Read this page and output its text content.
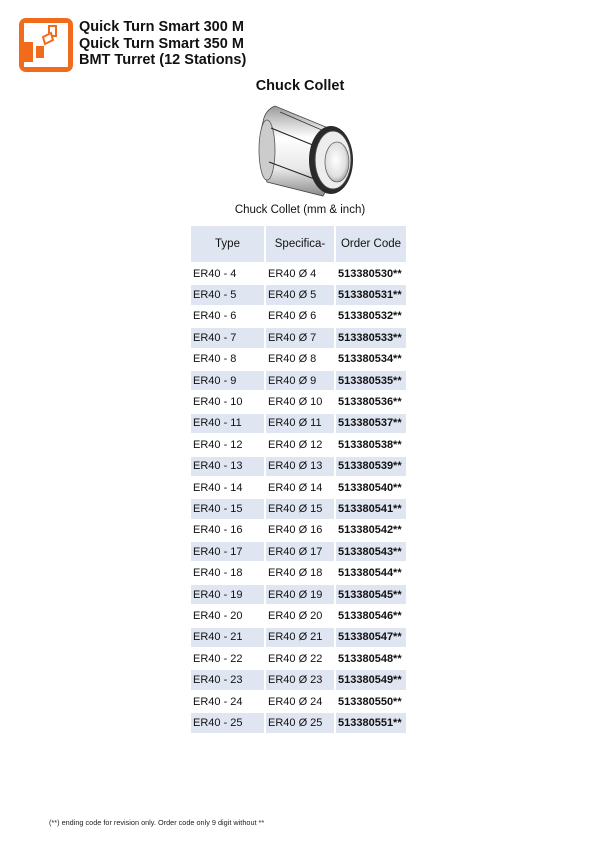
Quick Turn Smart 300 M
Quick Turn Smart 350 M
BMT Turret (12 Stations)
Chuck Collet
Chuck Collet (mm & inch)
Type	Specifica-	Order Code
ER40 - 4	ER40 Ø 4	513380530**
ER40 - 5	ER40 Ø 5	513380531**
ER40 - 6	ER40 Ø 6	513380532**
ER40 - 7	ER40 Ø 7	513380533**
ER40 - 8	ER40 Ø 8	513380534**
ER40 - 9	ER40 Ø 9	513380535**
ER40 - 10	ER40 Ø 10	513380536**
ER40 - 11	ER40 Ø 11	513380537**
ER40 - 12	ER40 Ø 12	513380538**
ER40 - 13	ER40 Ø 13	513380539**
ER40 - 14	ER40 Ø 14	513380540**
ER40 - 15	ER40 Ø 15	513380541**
ER40 - 16	ER40 Ø 16	513380542**
ER40 - 17	ER40 Ø 17	513380543**
ER40 - 18	ER40 Ø 18	513380544**
ER40 - 19	ER40 Ø 19	513380545**
ER40 - 20	ER40 Ø 20	513380546**
ER40 - 21	ER40 Ø 21	513380547**
ER40 - 22	ER40 Ø 22	513380548**
ER40 - 23	ER40 Ø 23	513380549**
ER40 - 24	ER40 Ø 24	513380550**
ER40 - 25	ER40 Ø 25	513380551**
(**) ending code for revision only. Order code only 9 digit without **
